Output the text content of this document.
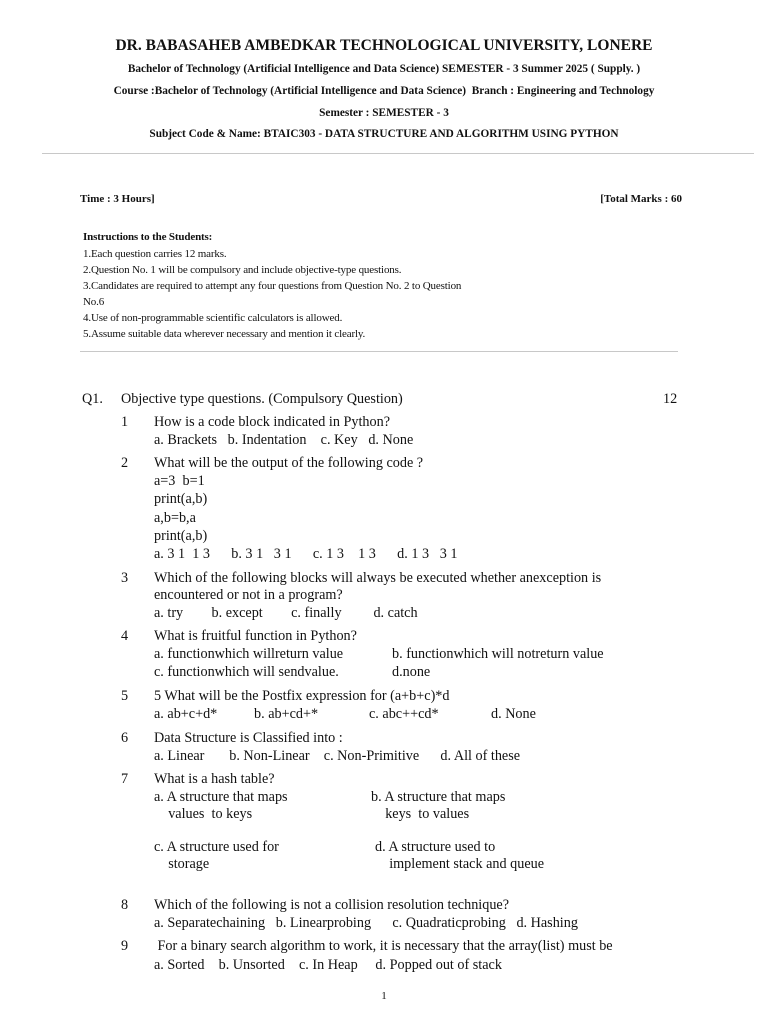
DR. BABASAHEB AMBEDKAR TECHNOLOGICAL UNIVERSITY, LONERE
Bachelor of Technology (Artificial Intelligence and Data Science) SEMESTER - 3 Summer 2025 ( Supply. )
Course :Bachelor of Technology (Artificial Intelligence and Data Science)  Branch : Engineering and Technology
Semester : SEMESTER - 3
Subject Code & Name: BTAIC303 - DATA STRUCTURE AND ALGORITHM USING PYTHON
Time : 3 Hours]	[Total Marks : 60
Instructions to the Students:
1.Each question carries 12 marks.
2.Question No. 1 will be compulsory and include objective-type questions.
3.Candidates are required to attempt any four questions from Question No. 2 to Question
No.6
4.Use of non-programmable scientific calculators is allowed.
5.Assume suitable data wherever necessary and mention it clearly.
Q1. Objective type questions. (Compulsory Question)	12
1 How is a code block indicated in Python?
a. Brackets   b. Indentation    c. Key   d. None
2 What will be the output of the following code ?
a=3  b=1
print(a,b)
a,b=b,a
print(a,b)
a. 3 1  1 3      b. 3 1   3 1      c. 1 3    1 3      d. 1 3   3 1
3 Which of the following blocks will always be executed whether anexception is
encountered or not in a program?
a. try        b. except        c. finally         d. catch
4 What is fruitful function in Python?
a. functionwhich willreturn value	b. functionwhich will notreturn value
c. functionwhich will sendvalue.	d.none
5 5 What will be the Postfix expression for (a+b+c)*d
a. ab+c+d*	b. ab+cd+*	c. abc++cd*	d. None
6 Data Structure is Classified into :
a. Linear       b. Non-Linear    c. Non-Primitive      d. All of these
7 What is a hash table?
a. A structure that maps
values  to keys
b. A structure that maps
keys  to values
c. A structure used for
storage
d. A structure used to
implement stack and queue
8 Which of the following is not a collision resolution technique?
a. Separatechaining   b. Linearprobing      c. Quadraticprobing   d. Hashing
9 For a binary search algorithm to work, it is necessary that the array(list) must be
a. Sorted    b. Unsorted    c. In Heap     d. Popped out of stack
1
